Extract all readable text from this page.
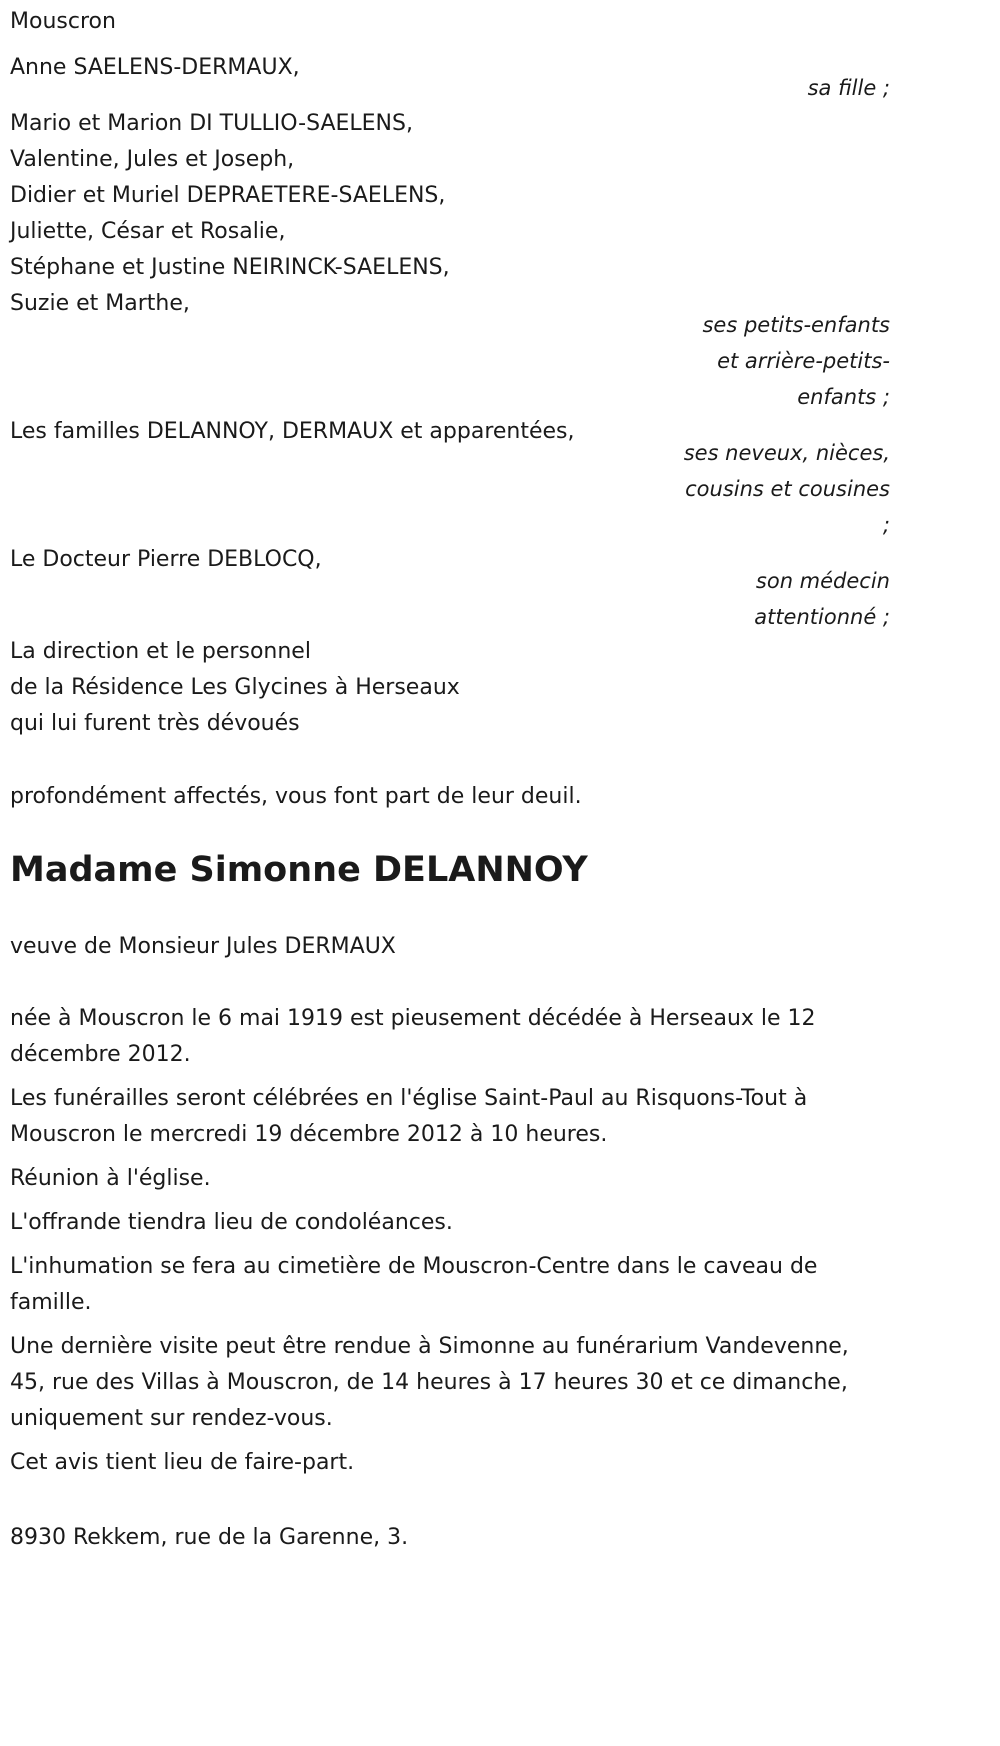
Mouscron
Anne SAELENS-DERMAUX,
sa fille ;
Mario et Marion DI TULLIO-SAELENS,
Valentine, Jules et Joseph,
Didier et Muriel DEPRAETERE-SAELENS,
Juliette, César et Rosalie,
Stéphane et Justine NEIRINCK-SAELENS,
Suzie et Marthe,
ses petits-enfants
et arrière-petits-
enfants ;
Les familles DELANNOY, DERMAUX et apparentées,
ses neveux, nièces,
cousins et cousines
;
Le Docteur Pierre DEBLOCQ,
son médecin
attentionné ;
La direction et le personnel
de la Résidence Les Glycines à Herseaux
qui lui furent très dévoués
profondément affectés, vous font part de leur deuil.
Madame Simonne DELANNOY
veuve de Monsieur Jules DERMAUX
née à Mouscron le 6 mai 1919 est pieusement décédée à Herseaux le 12 décembre 2012.
Les funérailles seront célébrées en l'église Saint-Paul au Risquons-Tout à Mouscron le mercredi 19 décembre 2012 à 10 heures.
Réunion à l'église.
L'offrande tiendra lieu de condoléances.
L'inhumation se fera au cimetière de Mouscron-Centre dans le caveau de famille.
Une dernière visite peut être rendue à Simonne au funérarium Vandevenne, 45, rue des Villas à Mouscron, de 14 heures à 17 heures 30 et ce dimanche, uniquement sur rendez-vous.
Cet avis tient lieu de faire-part.
8930 Rekkem, rue de la Garenne, 3.
